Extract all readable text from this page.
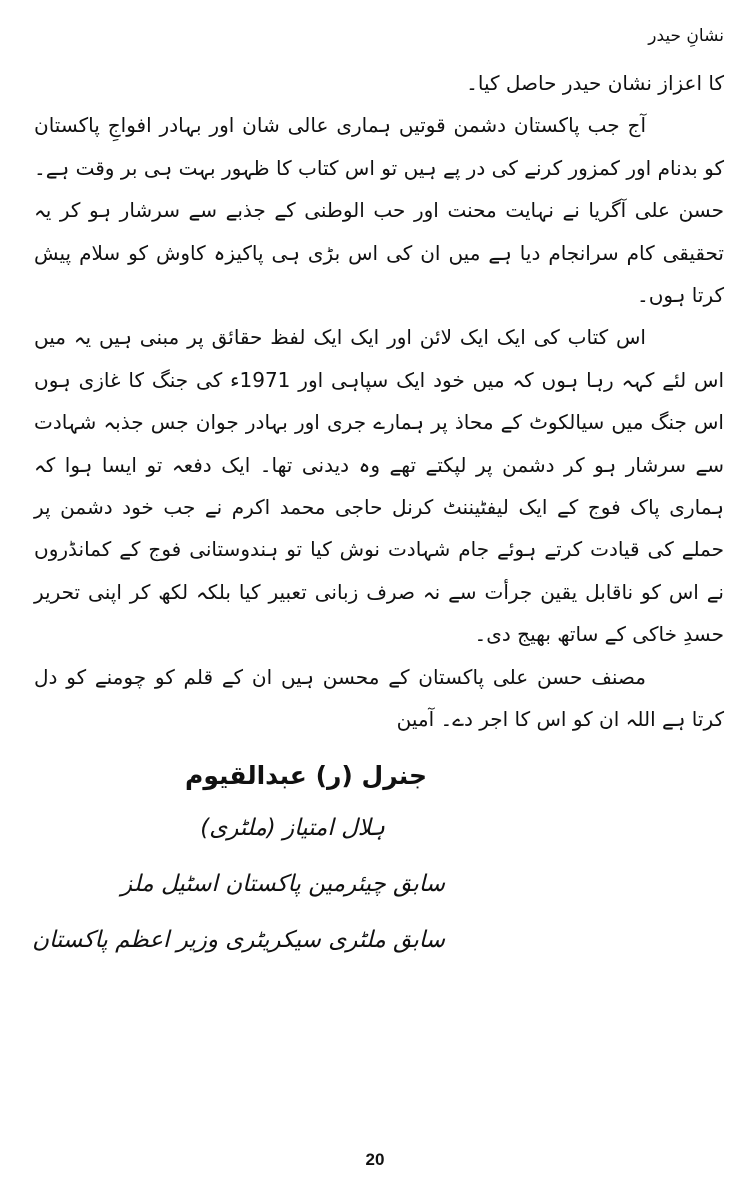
نشانِ حیدر

کا اعزاز نشان حیدر حاصل کیا۔

آج جب پاکستان دشمن قوتیں ہماری عالی شان اور بہادر افواجِ پاکستان کو بدنام اور کمزور کرنے کی در پے ہیں تو اس کتاب کا ظہور بہت ہی بر وقت ہے۔ حسن علی آگریا نے نہایت محنت اور حب الوطنی کے جذبے سے سرشار ہو کر یہ تحقیقی کام سرانجام دیا ہے میں ان کی اس بڑی ہی پاکیزہ کاوش کو سلام پیش کرتا ہوں۔

اس کتاب کی ایک ایک لائن اور ایک ایک لفظ حقائق پر مبنی ہیں یہ میں اس لئے کہہ رہا ہوں کہ میں خود ایک سپاہی اور 1971ء کی جنگ کا غازی ہوں اس جنگ میں سیالکوٹ کے محاذ پر ہمارے جری اور بہادر جوان جس جذبہ شہادت سے سرشار ہو کر دشمن پر لپکتے تھے وہ دیدنی تھا۔ ایک دفعہ تو ایسا ہوا کہ ہماری پاک فوج کے ایک لیفٹیننٹ کرنل حاجی محمد اکرم نے جب خود دشمن پر حملے کی قیادت کرتے ہوئے جام شہادت نوش کیا تو ہندوستانی فوج کے کمانڈروں نے اس کو ناقابل یقین جرأت سے نہ صرف زبانی تعبیر کیا بلکہ لکھ کر اپنی تحریر حسدِ خاکی کے ساتھ بھیج دی۔

مصنف حسن علی پاکستان کے محسن ہیں ان کے قلم کو چومنے کو دل کرتا ہے اللہ ان کو اس کا اجر دے۔ آمین

جنرل (ر) عبدالقیوم
ہلال امتیاز (ملٹری)
سابق چیئرمین پاکستان اسٹیل ملز
سابق ملٹری سیکریٹری وزیر اعظم پاکستان
20
